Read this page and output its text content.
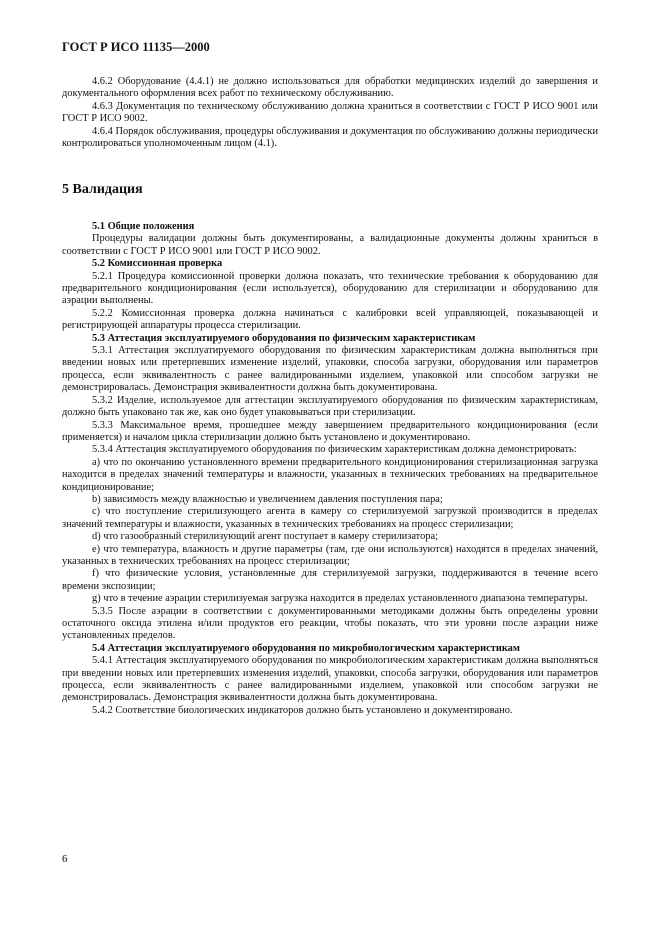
ГОСТ Р ИСО 11135—2000

4.6.2 Оборудование (4.4.1) не должно использоваться для обработки медицинских изделий до завершения и документального оформления всех работ по техническому обслуживанию.

4.6.3 Документация по техническому обслуживанию должна храниться в соответствии с ГОСТ Р ИСО 9001 или ГОСТ Р ИСО 9002.

4.6.4 Порядок обслуживания, процедуры обслуживания и документация по обслуживанию должны периодически контролироваться уполномоченным лицом (4.1).

5 Валидация

5.1 Общие положения

Процедуры валидации должны быть документированы, а валидационные документы должны храниться в соответствии с ГОСТ Р ИСО 9001 или ГОСТ Р ИСО 9002.

5.2 Комиссионная проверка

5.2.1 Процедура комиссионной проверки должна показать, что технические требования к оборудованию для предварительного кондиционирования (если используется), оборудованию для стерилизации и оборудованию для аэрации выполнены.

5.2.2 Комиссионная проверка должна начинаться с калибровки всей управляющей, показывающей и регистрирующей аппаратуры процесса стерилизации.

5.3 Аттестация эксплуатируемого оборудования по физическим характеристикам

5.3.1 Аттестация эксплуатируемого оборудования по физическим характеристикам должна выполняться при введении новых или претерпевших изменение изделий, упаковки, способа загрузки, оборудования или параметров процесса, если эквивалентность с ранее валидированными изделием, упаковкой или способом загрузки не демонстрировалась. Демонстрация эквивалентности должна быть документирована.

5.3.2 Изделие, используемое для аттестации эксплуатируемого оборудования по физическим характеристикам, должно быть упаковано так же, как оно будет упаковываться при стерилизации.

5.3.3 Максимальное время, прошедшее между завершением предварительного кондиционирования (если применяется) и началом цикла стерилизации должно быть установлено и документировано.

5.3.4 Аттестация эксплуатируемого оборудования по физическим характеристикам должна демонстрировать:

a) что по окончанию установленного времени предварительного кондиционирования стерилизационная загрузка находится в пределах значений температуры и влажности, указанных в технических требованиях на предварительное кондиционирование;

b) зависимость между влажностью и увеличением давления поступления пара;

c) что поступление стерилизующего агента в камеру со стерилизуемой загрузкой производится в пределах значений температуры и влажности, указанных в технических требованиях на процесс стерилизации;

d) что газообразный стерилизующий агент поступает в камеру стерилизатора;

e) что температура, влажность и другие параметры (там, где они используются) находятся в пределах значений, указанных в технических требованиях на процесс стерилизации;

f) что физические условия, установленные для стерилизуемой загрузки, поддерживаются в течение всего времени экспозиции;

g) что в течение аэрации стерилизуемая загрузка находится в пределах установленного диапазона температуры.

5.3.5 После аэрации в соответствии с документированными методиками должны быть определены уровни остаточного оксида этилена и/или продуктов его реакции, чтобы показать, что эти уровни после аэрации ниже установленных пределов.

5.4 Аттестация эксплуатируемого оборудования по микробиологическим характеристикам

5.4.1 Аттестация эксплуатируемого оборудования по микробиологическим характеристикам должна выполняться при введении новых или претерпевших изменения изделий, упаковки, способа загрузки, оборудования или параметров процесса, если эквивалентность с ранее валидированными изделием, упаковкой или способом загрузки не демонстрировалась. Демонстрация эквивалентности должна быть документирована.

5.4.2 Соответствие биологических индикаторов должно быть установлено и документировано.

6
